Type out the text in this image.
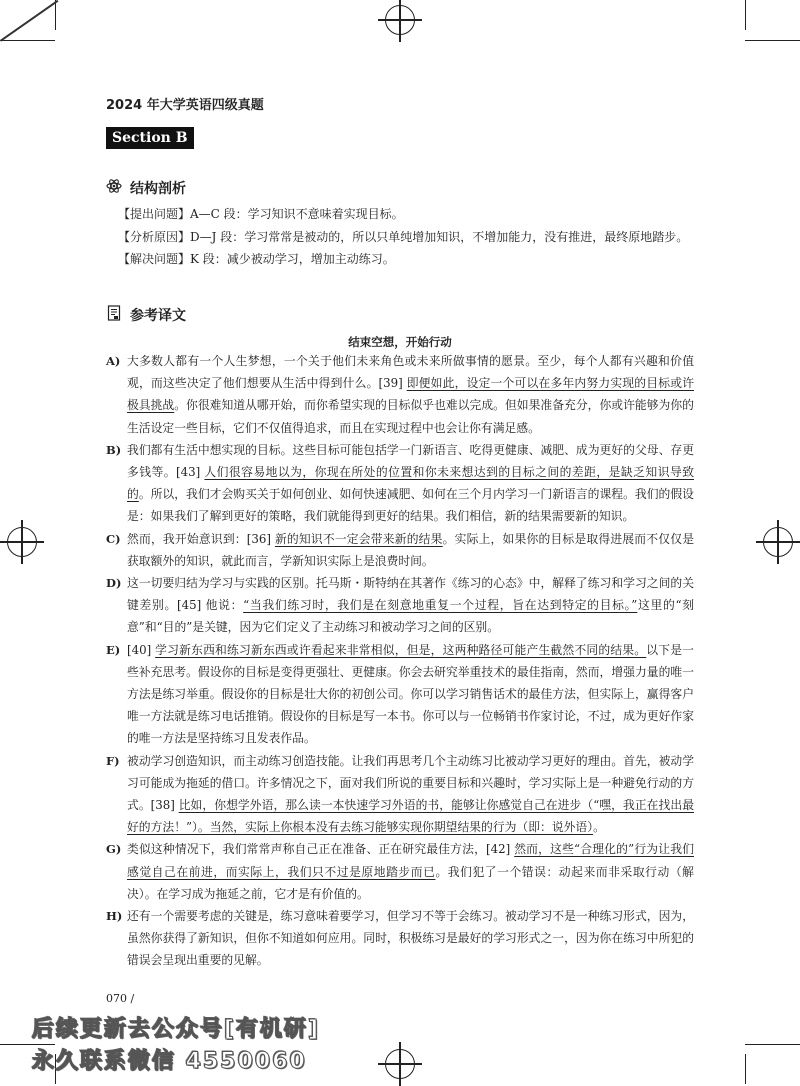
2024 年大学英语四级真题
Section B
结构剖析

【提出问题】A—C 段：学习知识不意味着实现目标。

【分析原因】D—J 段：学习常常是被动的，所以只单纯增加知识，不增加能力，没有推进，最终原地踏步。

【解决问题】K 段：减少被动学习，增加主动练习。

参考译文
结束空想，开始行动

A) 大多数人都有一个人生梦想，一个关于他们未来角色或未来所做事情的愿景。至少，每个人都有兴趣和价值观，而这些决定了他们想要从生活中得到什么。[39] 即便如此，设定一个可以在多年内努力实现的目标或许极具挑战。你很难知道从哪开始，而你希望实现的目标似乎也难以完成。但如果准备充分，你或许能够为你的生活设定一些目标，它们不仅值得追求，而且在实现过程中也会让你有满足感。

B) 我们都有生活中想实现的目标。这些目标可能包括学一门新语言、吃得更健康、减肥、成为更好的父母、存更多钱等。[43] 人们很容易地以为，你现在所处的位置和你未来想达到的目标之间的差距，是缺乏知识导致的。所以，我们才会购买关于如何创业、如何快速减肥、如何在三个月内学习一门新语言的课程。我们的假设是：如果我们了解到更好的策略，我们就能得到更好的结果。我们相信，新的结果需要新的知识。

C) 然而，我开始意识到：[36] 新的知识不一定会带来新的结果。实际上，如果你的目标是取得进展而不仅仅是获取额外的知识，就此而言，学新知识实际上是浪费时间。

D) 这一切要归结为学习与实践的区别。托马斯・斯特纳在其著作《练习的心态》中，解释了练习和学习之间的关键差别。[45] 他说：“当我们练习时，我们是在刻意地重复一个过程，旨在达到特定的目标。”这里的“刻意”和“目的”是关键，因为它们定义了主动练习和被动学习之间的区别。

E) [40] 学习新东西和练习新东西或许看起来非常相似，但是，这两种路径可能产生截然不同的结果。以下是一些补充思考。假设你的目标是变得更强壮、更健康。你会去研究举重技术的最佳指南，然而，增强力量的唯一方法是练习举重。假设你的目标是壮大你的初创公司。你可以学习销售话术的最佳方法，但实际上，赢得客户唯一方法就是练习电话推销。假设你的目标是写一本书。你可以与一位畅销书作家讨论，不过，成为更好作家的唯一方法是坚持练习且发表作品。

F) 被动学习创造知识，而主动练习创造技能。让我们再思考几个主动练习比被动学习更好的理由。首先，被动学习可能成为拖延的借口。许多情况之下，面对我们所说的重要目标和兴趣时，学习实际上是一种避免行动的方式。[38] 比如，你想学外语，那么读一本快速学习外语的书，能够让你感觉自己在进步（“嘿，我正在找出最好的方法！”）。当然，实际上你根本没有去练习能够实现你期望结果的行为（即：说外语）。

G) 类似这种情况下，我们常常声称自己正在准备、正在研究最佳方法，[42] 然而，这些“合理化的”行为让我们感觉自己在前进，而实际上，我们只不过是原地踏步而已。我们犯了一个错误：动起来而非采取行动（解决）。在学习成为拖延之前，它才是有价值的。

H) 还有一个需要考虑的关键是，练习意味着要学习，但学习不等于会练习。被动学习不是一种练习形式，因为，虽然你获得了新知识，但你不知道如何应用。同时，积极练习是最好的学习形式之一，因为你在练习中所犯的错误会呈现出重要的见解。

070 /
后续更新去公众号[有机研]
永久联系微信 4550060
